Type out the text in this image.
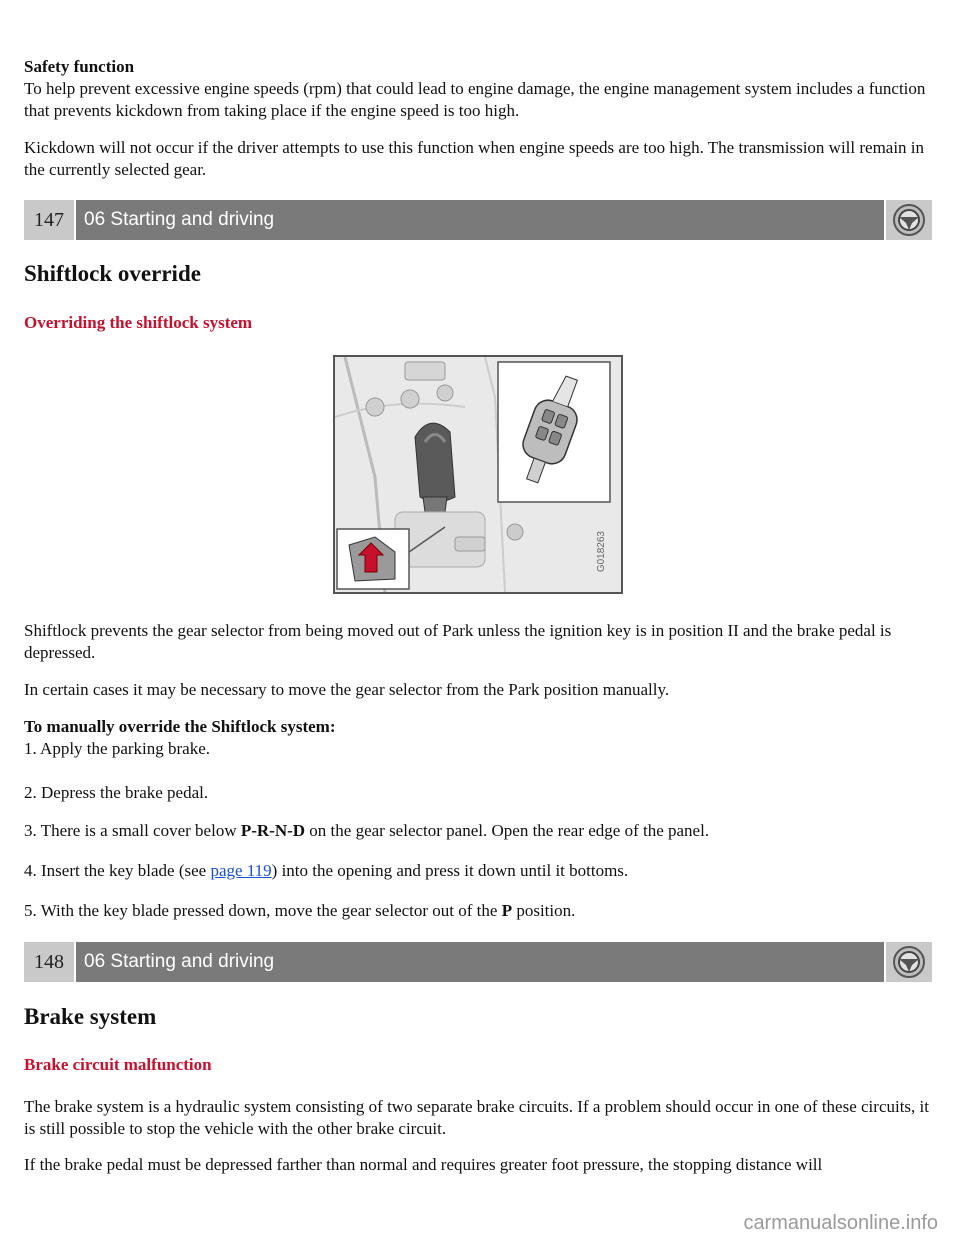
Safety function

To help prevent excessive engine speeds (rpm) that could lead to engine damage, the engine management system includes a function that prevents kickdown from taking place if the engine speed is too high.

Kickdown will not occur if the driver attempts to use this function when engine speeds are too high. The transmission will remain in the currently selected gear.

147	06 Starting and driving
Shiftlock override
Overriding the shiftlock system
G018263

Shiftlock prevents the gear selector from being moved out of Park unless the ignition key is in position II and the brake pedal is depressed.

In certain cases it may be necessary to move the gear selector from the Park position manually.

To manually override the Shiftlock system:

1. Apply the parking brake.

2. Depress the brake pedal.

3. There is a small cover below P-R-N-D on the gear selector panel. Open the rear edge of the panel.

4. Insert the key blade (see page 119) into the opening and press it down until it bottoms.

5. With the key blade pressed down, move the gear selector out of the P position.

148	06 Starting and driving
Brake system
Brake circuit malfunction

The brake system is a hydraulic system consisting of two separate brake circuits. If a problem should occur in one of these circuits, it is still possible to stop the vehicle with the other brake circuit.

If the brake pedal must be depressed farther than normal and requires greater foot pressure, the stopping distance will

carmanualsonline.info
